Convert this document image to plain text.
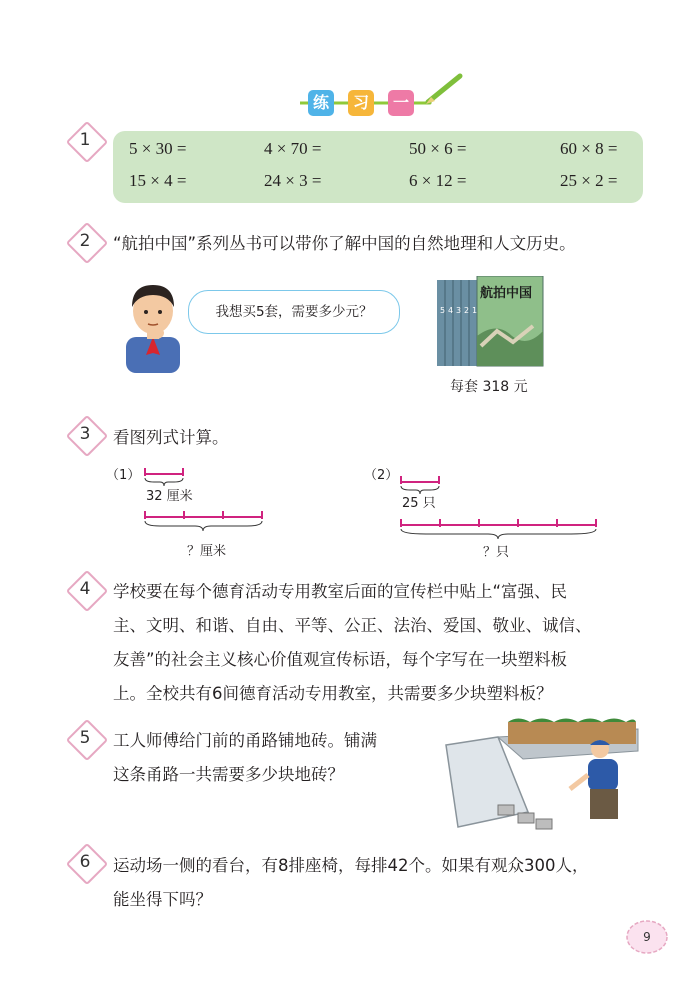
练	习	一
1	5 × 30 =	4 × 70 =	50 × 6 =	60 × 8 =
15 × 4 =	24 × 3 =	6 × 12 =	25 × 2 =
2	“航拍中国”系列丛书可以带你了解中国的自然地理和人文历史。
我想买5套，需要多少元？
航拍中国
5 4 3 2 1
每套 318 元
3	看图列式计算。
（1）
32 厘米
？厘米
（2）
25 只
？只
4	学校要在每个德育活动专用教室后面的宣传栏中贴上“富强、民
主、文明、和谐、自由、平等、公正、法治、爱国、敬业、诚信、
友善”的社会主义核心价值观宣传标语，每个字写在一块塑料板
上。全校共有6间德育活动专用教室，共需要多少块塑料板？
5	工人师傅给门前的甬路铺地砖。铺满
这条甬路一共需要多少块地砖？
6	运动场一侧的看台，有8排座椅，每排42个。如果有观众300人，
能坐得下吗？
9
